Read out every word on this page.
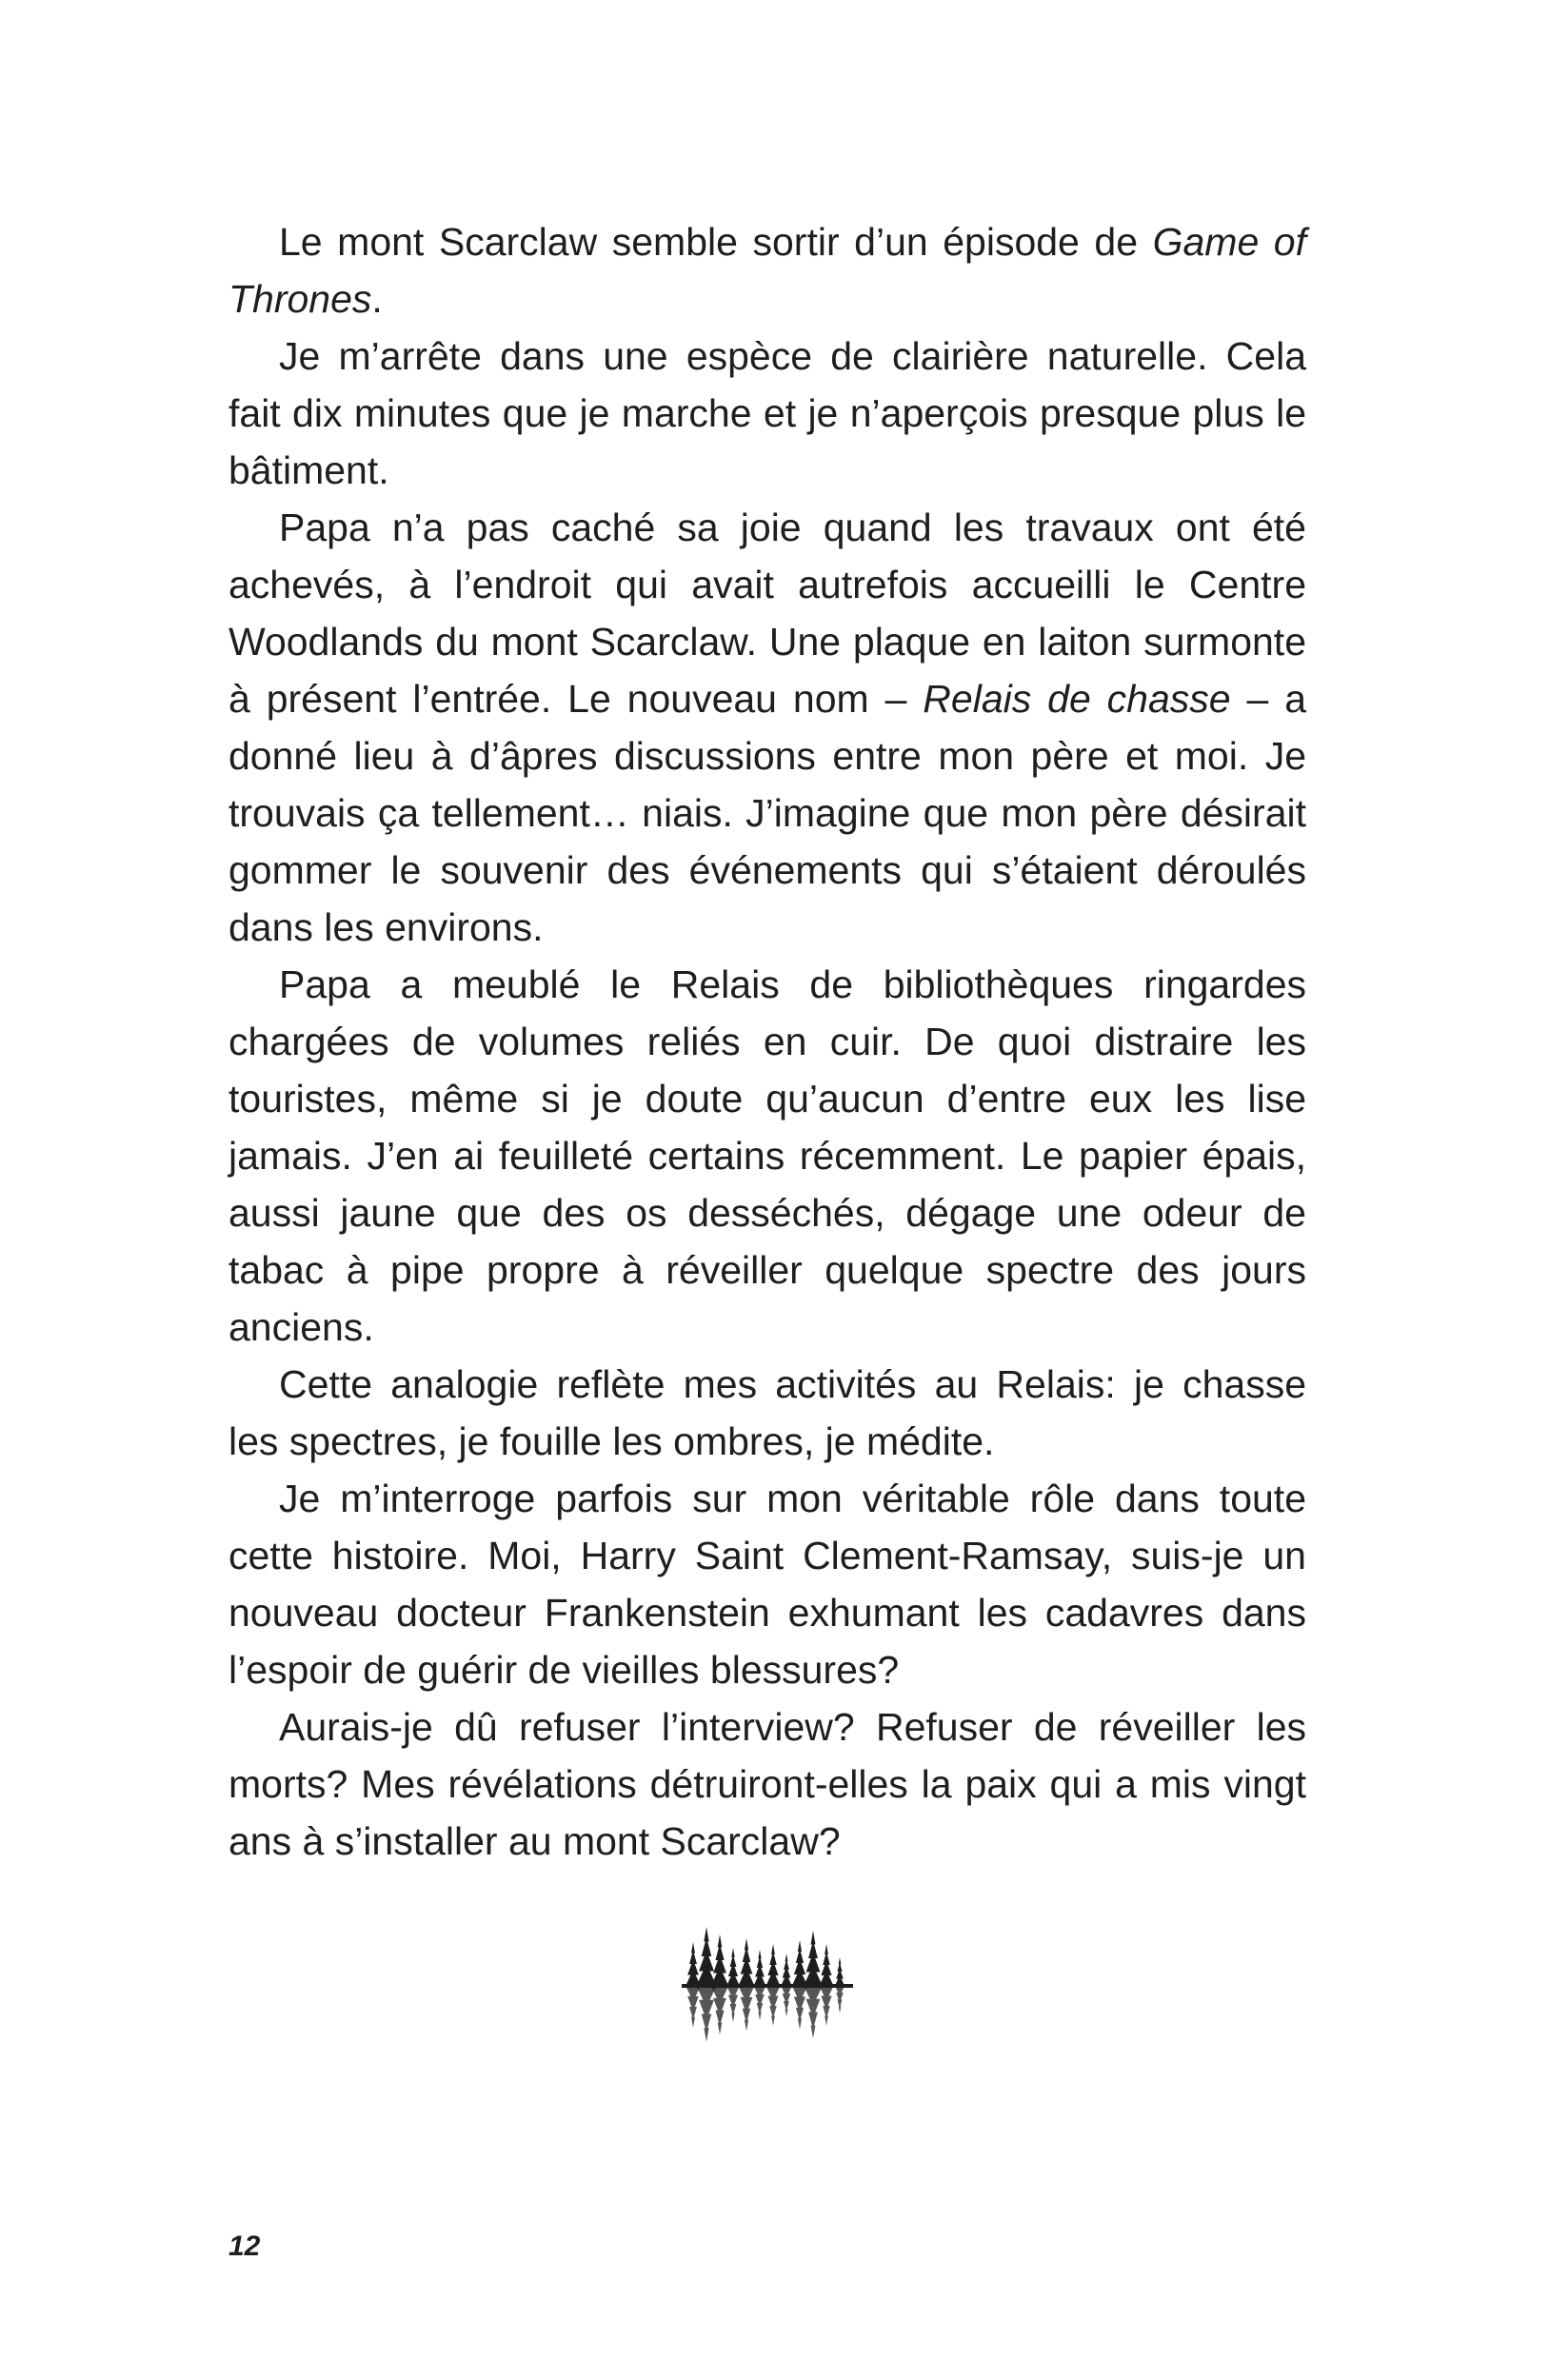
Le mont Scarclaw semble sortir d’un épisode de Game of Thrones.

Je m’arrête dans une espèce de clairière naturelle. Cela fait dix minutes que je marche et je n’aperçois presque plus le bâtiment.

Papa n’a pas caché sa joie quand les travaux ont été achevés, à l’endroit qui avait autrefois accueilli le Centre Woodlands du mont Scarclaw. Une plaque en laiton surmonte à présent l’entrée. Le nouveau nom – Relais de chasse – a donné lieu à d’âpres discussions entre mon père et moi. Je trouvais ça tellement… niais. J’imagine que mon père désirait gommer le souvenir des événements qui s’étaient déroulés dans les environs.

Papa a meublé le Relais de bibliothèques ringardes chargées de volumes reliés en cuir. De quoi distraire les touristes, même si je doute qu’aucun d’entre eux les lise jamais. J’en ai feuilleté certains récemment. Le papier épais, aussi jaune que des os desséchés, dégage une odeur de tabac à pipe propre à réveiller quelque spectre des jours anciens.

Cette analogie reflète mes activités au Relais: je chasse les spectres, je fouille les ombres, je médite.

Je m’interroge parfois sur mon véritable rôle dans toute cette histoire. Moi, Harry Saint Clement-Ramsay, suis-je un nouveau docteur Frankenstein exhumant les cadavres dans l’espoir de guérir de vieilles blessures?

Aurais-je dû refuser l’interview? Refuser de réveiller les morts? Mes révélations détruiront-elles la paix qui a mis vingt ans à s’installer au mont Scarclaw?

12
